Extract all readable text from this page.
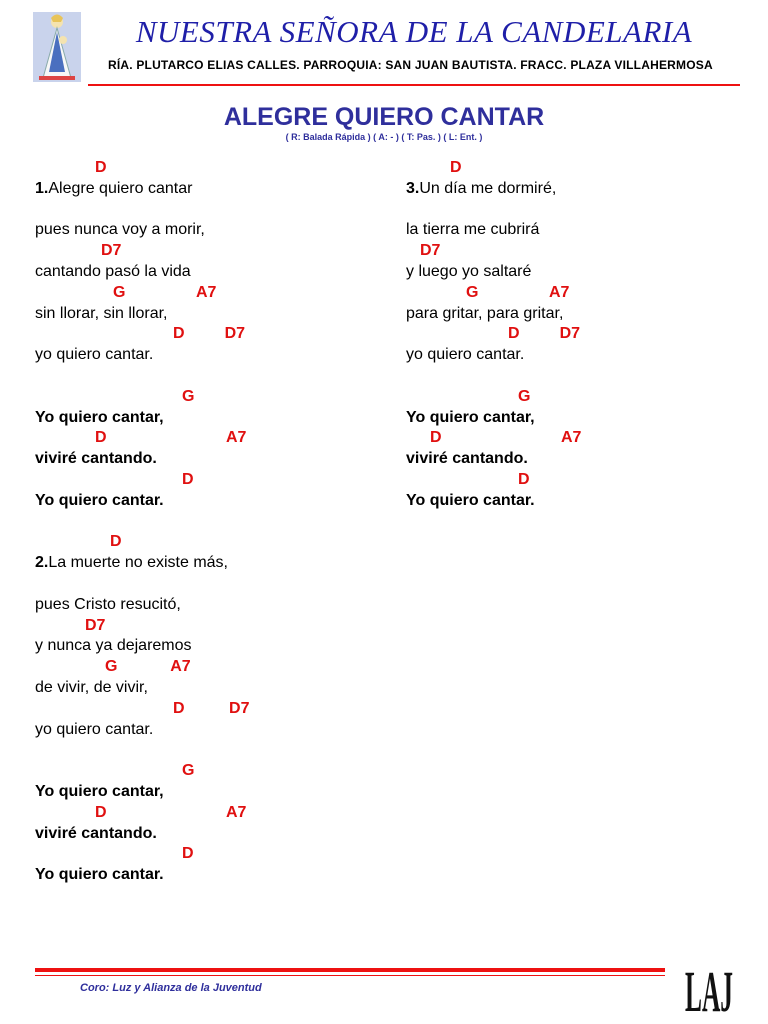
NUESTRA SEÑORA DE LA CANDELARIA
RÍA. PLUTARCO ELIAS CALLES. PARROQUIA: SAN JUAN BAUTISTA. FRACC. PLAZA VILLAHERMOSA
ALEGRE QUIERO CANTAR
( R: Balada Rápida ) ( A: - ) ( T: Pas. ) ( L: Ent. )
D
1.Alegre quiero cantar
pues nunca voy a morir,
D7
cantando pasó la vida
G                A7
sin llorar, sin llorar,
D         D7
yo quiero cantar.
G
Yo quiero cantar,
D                           A7
viviré cantando.
D
Yo quiero cantar.
D
2.La muerte no existe más,
pues Cristo resucitó,
D7
y nunca ya dejaremos
G            A7
de vivir, de vivir,
D          D7
yo quiero cantar.
G
Yo quiero cantar,
D                           A7
viviré cantando.
D
Yo quiero cantar.
D
3.Un día me dormiré,
la tierra me cubrirá
D7
y luego yo saltaré
G                A7
para gritar, para gritar,
D         D7
yo quiero cantar.
G
Yo quiero cantar,
D                           A7
viviré cantando.
D
Yo quiero cantar.
Coro: Luz y Alianza de la Juventud	LAJ
